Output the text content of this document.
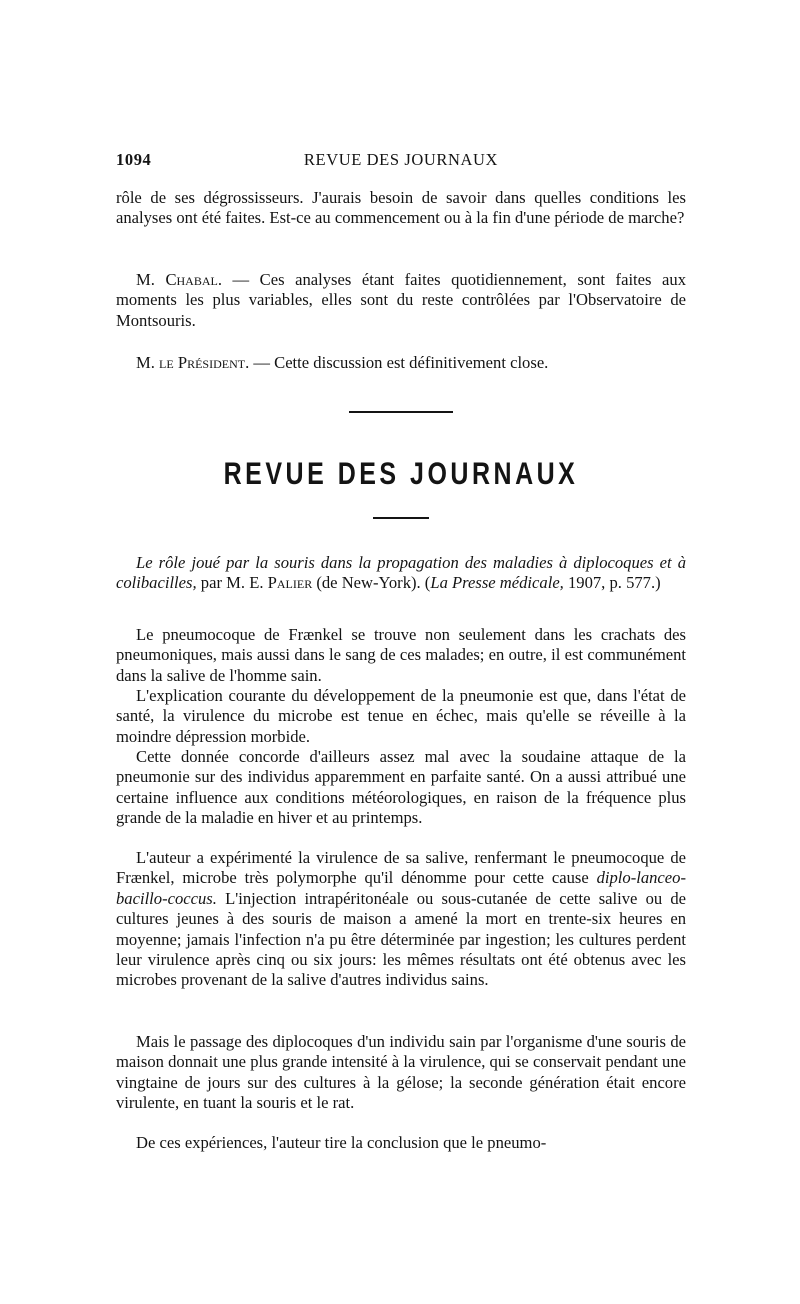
1094	REVUE DES JOURNAUX

rôle de ses dégrossisseurs. J'aurais besoin de savoir dans quelles conditions les analyses ont été faites. Est-ce au commencement ou à la fin d'une période de marche?

M. Chabal. — Ces analyses étant faites quotidiennement, sont faites aux moments les plus variables, elles sont du reste contrôlées par l'Observatoire de Montsouris.

M. le Président. — Cette discussion est définitivement close.

REVUE DES JOURNAUX

Le rôle joué par la souris dans la propagation des maladies à diplocoques et à colibacilles, par M. E. Palier (de New-York). (La Presse médicale, 1907, p. 577.)

Le pneumocoque de Frænkel se trouve non seulement dans les crachats des pneumoniques, mais aussi dans le sang de ces malades; en outre, il est communément dans la salive de l'homme sain.

L'explication courante du développement de la pneumonie est que, dans l'état de santé, la virulence du microbe est tenue en échec, mais qu'elle se réveille à la moindre dépression morbide.

Cette donnée concorde d'ailleurs assez mal avec la soudaine attaque de la pneumonie sur des individus apparemment en parfaite santé. On a aussi attribué une certaine influence aux conditions météorologiques, en raison de la fréquence plus grande de la maladie en hiver et au printemps.

L'auteur a expérimenté la virulence de sa salive, renfermant le pneumocoque de Frænkel, microbe très polymorphe qu'il dénomme pour cette cause diplo-lanceo-bacillo-coccus. L'injection intrapéritonéale ou sous-cutanée de cette salive ou de cultures jeunes à des souris de maison a amené la mort en trente-six heures en moyenne; jamais l'infection n'a pu être déterminée par ingestion; les cultures perdent leur virulence après cinq ou six jours: les mêmes résultats ont été obtenus avec les microbes provenant de la salive d'autres individus sains.

Mais le passage des diplocoques d'un individu sain par l'organisme d'une souris de maison donnait une plus grande intensité à la virulence, qui se conservait pendant une vingtaine de jours sur des cultures à la gélose; la seconde génération était encore virulente, en tuant la souris et le rat.

De ces expériences, l'auteur tire la conclusion que le pneumo-
